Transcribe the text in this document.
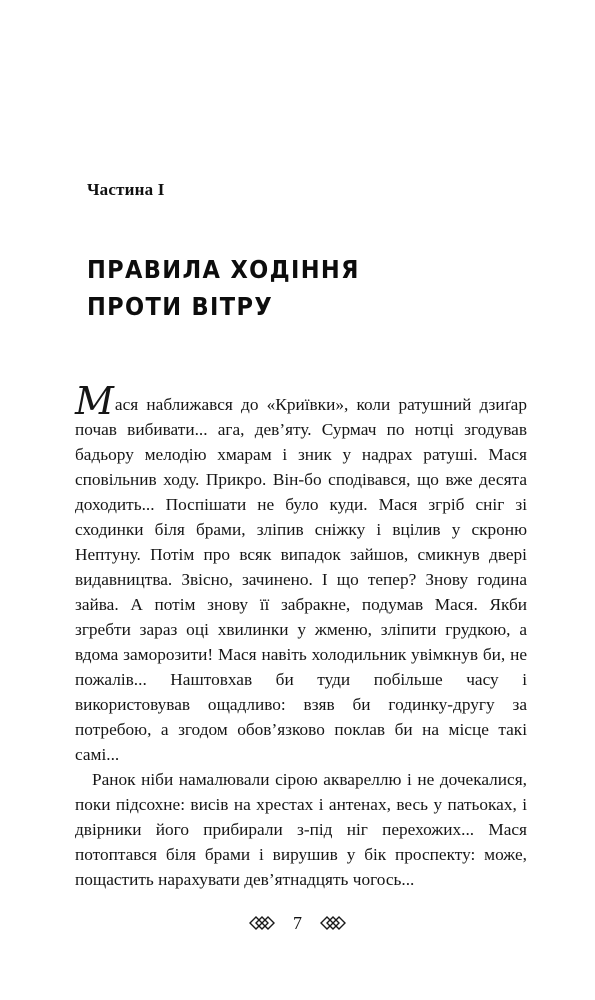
Частина I
ПРАВИЛА ХОДІННЯ
ПРОТИ ВІТРУ

Мася наближався до «Криївки», коли ратушний дзиґар почав вибивати... ага, дев’яту. Сурмач по нотці згодував бадьору мелодію хмарам і зник у надрах ратуші. Мася сповільнив ходу. Прикро. Він-бо сподівався, що вже десята доходить... Поспішати не було куди. Мася згріб сніг зі сходинки біля брами, зліпив сніжку і вцілив у скроню Нептуну. Потім про всяк випадок зайшов, смикнув двері видавництва. Звісно, зачинено. І що тепер? Знову година зайва. А потім знову її забракне, подумав Мася. Якби згребти зараз оці хвилинки у жменю, зліпити грудкою, а вдома заморозити! Мася навіть холодильник увімкнув би, не пожалів... Наштовхав би туди побільше часу і використовував ощадливо: взяв би годинку-другу за потребою, а згодом обов’язково поклав би на місце такі самі...

Ранок ніби намалювали сірою аквареллю і не дочекалися, поки підсохне: висів на хрестах і антенах, весь у патьоках, і двірники його прибирали з-під ніг перехожих... Мася потоптався біля брами і вирушив у бік проспекту: може, пощастить нарахувати дев’ятнадцять чогось...

7
